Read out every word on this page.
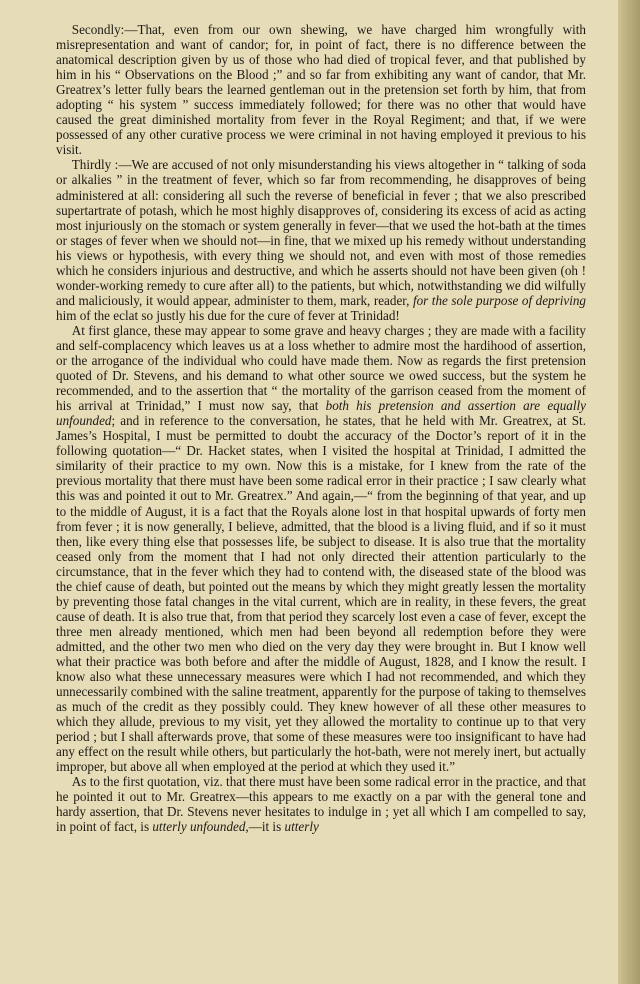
Secondly:—That, even from our own shewing, we have charged him wrongfully with misrepresentation and want of candor; for, in point of fact, there is no difference between the anatomical description given by us of those who had died of tropical fever, and that published by him in his “ Observations on the Blood ;” and so far from exhibiting any want of candor, that Mr. Greatrex’s letter fully bears the learned gentleman out in the pretension set forth by him, that from adopting “ his system ” success immediately followed; for there was no other that would have caused the great diminished mortality from fever in the Royal Regiment; and that, if we were possessed of any other curative process we were criminal in not having employed it previous to his visit.

Thirdly :—We are accused of not only misunderstanding his views altogether in “ talking of soda or alkalies ” in the treatment of fever, which so far from recommending, he disapproves of being administered at all: considering all such the reverse of beneficial in fever ; that we also prescribed supertartrate of potash, which he most highly disapproves of, considering its excess of acid as acting most injuriously on the stomach or system generally in fever—that we used the hot-bath at the times or stages of fever when we should not—in fine, that we mixed up his remedy without understanding his views or hypothesis, with every thing we should not, and even with most of those remedies which he considers injurious and destructive, and which he asserts should not have been given (oh ! wonder-working remedy to cure after all) to the patients, but which, notwithstanding we did wilfully and maliciously, it would appear, administer to them, mark, reader, for the sole purpose of depriving him of the eclat so justly his due for the cure of fever at Trinidad!

At first glance, these may appear to some grave and heavy charges ; they are made with a facility and self-complacency which leaves us at a loss whether to admire most the hardihood of assertion, or the arrogance of the individual who could have made them. Now as regards the first pretension quoted of Dr. Stevens, and his demand to what other source we owed success, but the system he recommended, and to the assertion that “ the mortality of the garrison ceased from the moment of his arrival at Trinidad,” I must now say, that both his pretension and assertion are equally unfounded; and in reference to the conversation, he states, that he held with Mr. Greatrex, at St. James’s Hospital, I must be permitted to doubt the accuracy of the Doctor’s report of it in the following quotation—“ Dr. Hacket states, when I visited the hospital at Trinidad, I admitted the similarity of their practice to my own. Now this is a mistake, for I knew from the rate of the previous mortality that there must have been some radical error in their practice ; I saw clearly what this was and pointed it out to Mr. Greatrex.” And again,—“ from the beginning of that year, and up to the middle of August, it is a fact that the Royals alone lost in that hospital upwards of forty men from fever ; it is now generally, I believe, admitted, that the blood is a living fluid, and if so it must then, like every thing else that possesses life, be subject to disease. It is also true that the mortality ceased only from the moment that I had not only directed their attention particularly to the circumstance, that in the fever which they had to contend with, the diseased state of the blood was the chief cause of death, but pointed out the means by which they might greatly lessen the mortality by preventing those fatal changes in the vital current, which are in reality, in these fevers, the great cause of death. It is also true that, from that period they scarcely lost even a case of fever, except the three men already mentioned, which men had been beyond all redemption before they were admitted, and the other two men who died on the very day they were brought in. But I know well what their practice was both before and after the middle of August, 1828, and I know the result. I know also what these unnecessary measures were which I had not recommended, and which they unnecessarily combined with the saline treatment, apparently for the purpose of taking to themselves as much of the credit as they possibly could. They knew however of all these other measures to which they allude, previous to my visit, yet they allowed the mortality to continue up to that very period ; but I shall afterwards prove, that some of these measures were too insignificant to have had any effect on the result while others, but particularly the hot-bath, were not merely inert, but actually improper, but above all when employed at the period at which they used it.”

As to the first quotation, viz. that there must have been some radical error in the practice, and that he pointed it out to Mr. Greatrex—this appears to me exactly on a par with the general tone and hardy assertion, that Dr. Stevens never hesitates to indulge in ; yet all which I am compelled to say, in point of fact, is utterly unfounded,—it is utterly
